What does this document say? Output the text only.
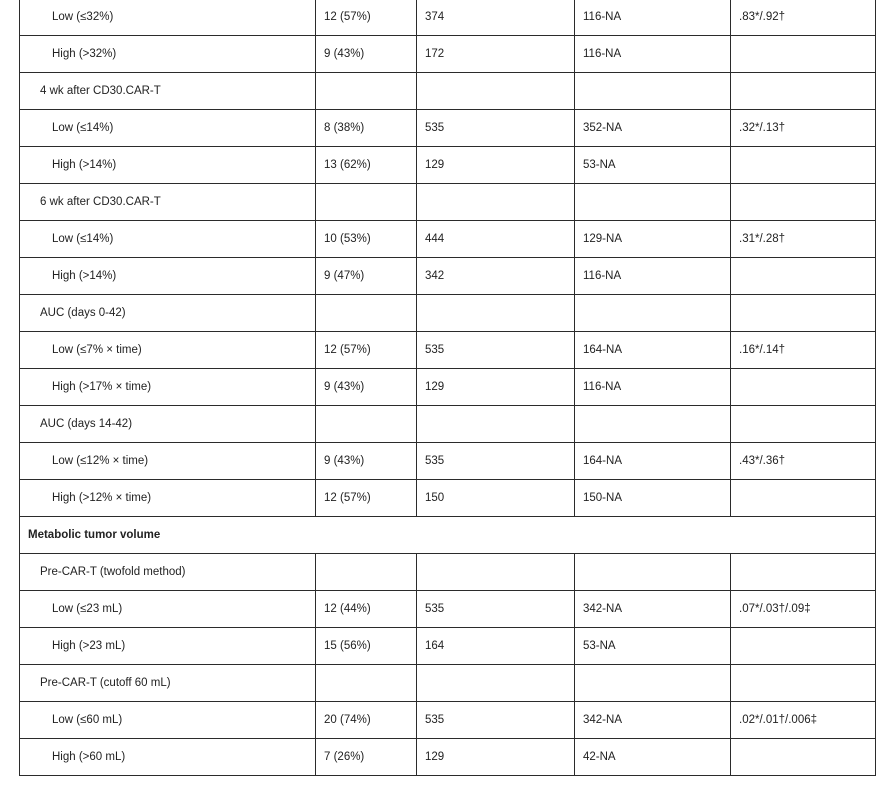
Low (≤32%)	12 (57%)	374	116-NA	.83*/.92†
High (>32%)	9 (43%)	172	116-NA	
4 wk after CD30.CAR-T				
Low (≤14%)	8 (38%)	535	352-NA	.32*/.13†
High (>14%)	13 (62%)	129	53-NA	
6 wk after CD30.CAR-T				
Low (≤14%)	10 (53%)	444	129-NA	.31*/.28†
High (>14%)	9 (47%)	342	116-NA	
AUC (days 0-42)				
Low (≤7% × time)	12 (57%)	535	164-NA	.16*/.14†
High (>17% × time)	9 (43%)	129	116-NA	
AUC (days 14-42)				
Low (≤12% × time)	9 (43%)	535	164-NA	.43*/.36†
High (>12% × time)	12 (57%)	150	150-NA	
Metabolic tumor volume				
Pre-CAR-T (twofold method)				
Low (≤23 mL)	12 (44%)	535	342-NA	.07*/.03†/.09‡
High (>23 mL)	15 (56%)	164	53-NA	
Pre-CAR-T (cutoff 60 mL)				
Low (≤60 mL)	20 (74%)	535	342-NA	.02*/.01†/.006‡
High (>60 mL)	7 (26%)	129	42-NA	
